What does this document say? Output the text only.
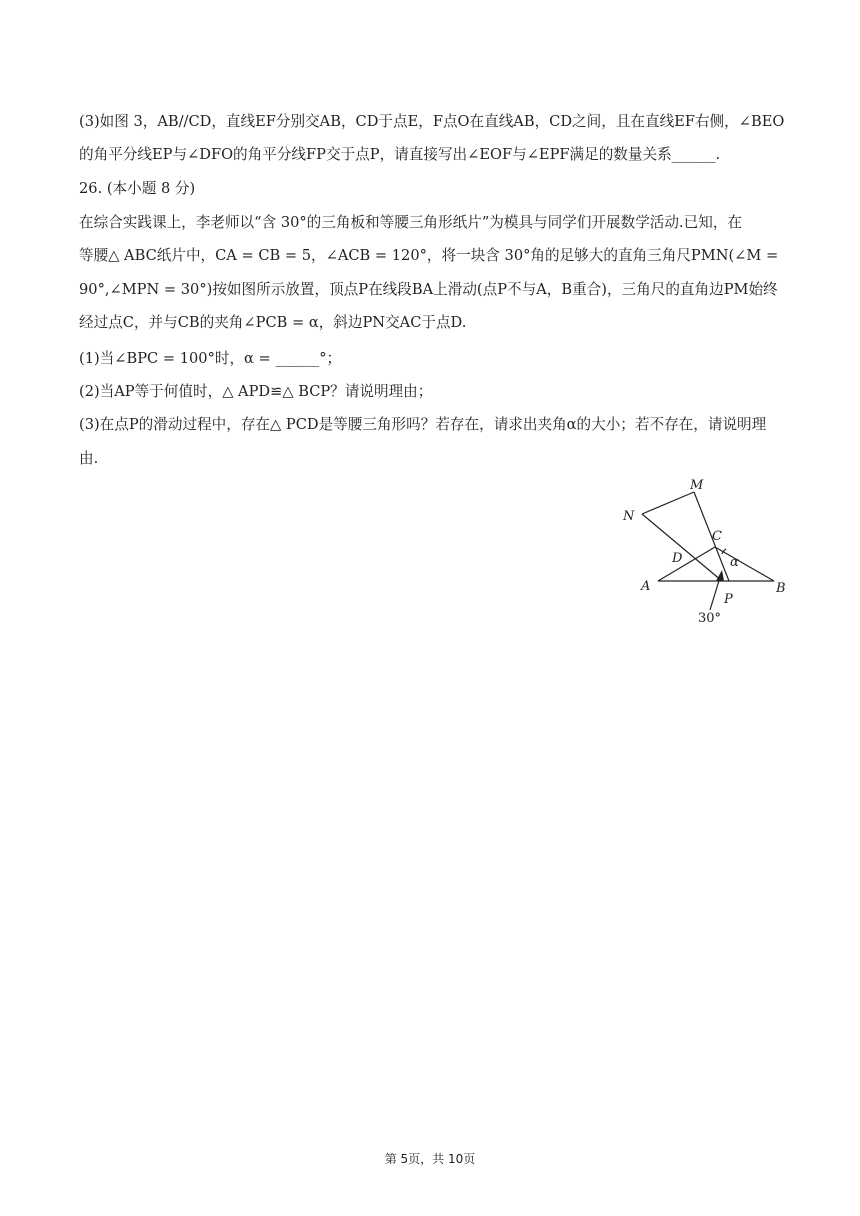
(3)如图 3，AB//CD，直线EF分别交AB，CD于点E，F点O在直线AB，CD之间，且在直线EF右侧，∠BEO
的角平分线EP与∠DFO的角平分线FP交于点P，请直接写出∠EOF与∠EPF满足的数量关系______.
26. (本小题 8 分)
在综合实践课上，李老师以“含 30°的三角板和等腰三角形纸片”为模具与同学们开展数学活动.已知，在
等腰△ ABC纸片中，CA = CB = 5，∠ACB = 120°，将一块含 30°角的足够大的直角三角尺PMN(∠M =
90°,∠MPN = 30°)按如图所示放置，顶点P在线段BA上滑动(点P不与A，B重合)，三角尺的直角边PM始终
经过点C，并与CB的夹角∠PCB = α，斜边PN交AC于点D.
(1)当∠BPC = 100°时，α = ______°；
(2)当AP等于何值时，△ APD≌△ BCP？请说明理由；
(3)在点P的滑动过程中，存在△ PCD是等腰三角形吗？若存在，请求出夹角α的大小；若不存在，请说明理
由.
M
N
C
D	α
A	B
P
30°
第 5页，共 10页
